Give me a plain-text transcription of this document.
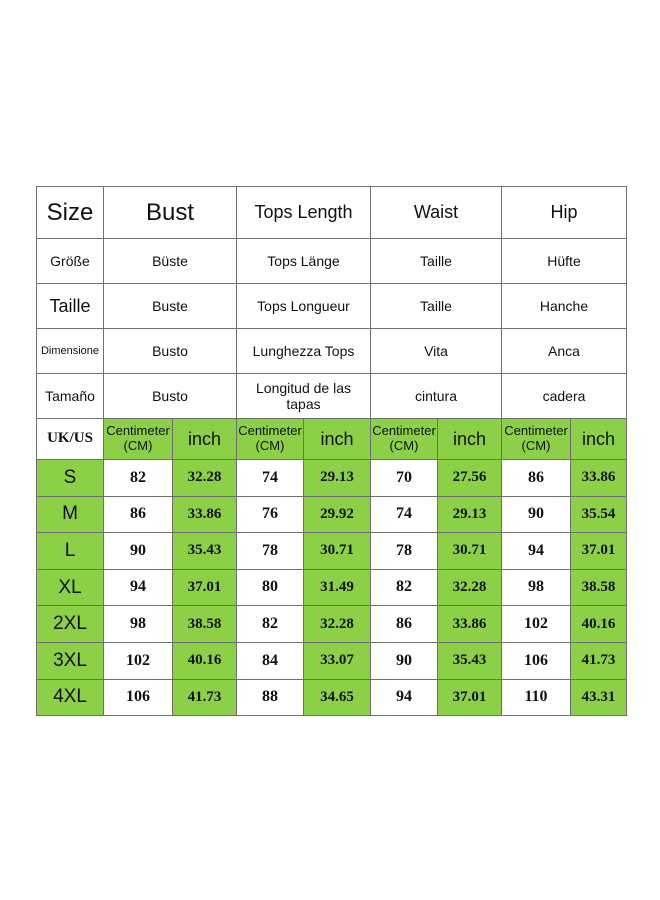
Size	Bust		Tops Length		Waist		Hip	
Größe	Büste		Tops Länge		Taille		Hüfte	
Taille	Buste		Tops Longueur		Taille		Hanche	
Dimensione	Busto		Lunghezza Tops		Vita		Anca	
Tamaño	Busto		Longitud de las tapas		cintura		cadera	
UK/US	Centimeter (CM)	inch	Centimeter (CM)	inch	Centimeter (CM)	inch	Centimeter (CM)	inch
S	82	32.28	74	29.13	70	27.56	86	33.86
M	86	33.86	76	29.92	74	29.13	90	35.54
L	90	35.43	78	30.71	78	30.71	94	37.01
XL	94	37.01	80	31.49	82	32.28	98	38.58
2XL	98	38.58	82	32.28	86	33.86	102	40.16
3XL	102	40.16	84	33.07	90	35.43	106	41.73
4XL	106	41.73	88	34.65	94	37.01	110	43.31
